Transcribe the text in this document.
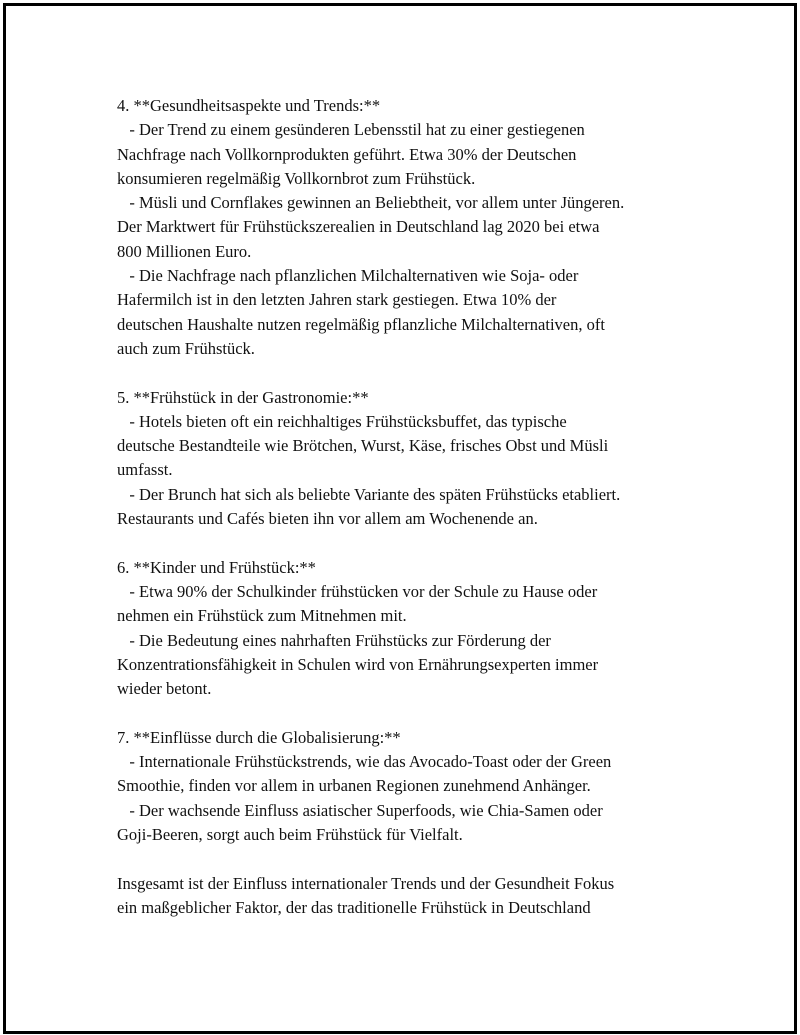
4. **Gesundheitsaspekte und Trends:**
- Der Trend zu einem gesünderen Lebensstil hat zu einer gestiegenen
Nachfrage nach Vollkornprodukten geführt. Etwa 30% der Deutschen
konsumieren regelmäßig Vollkornbrot zum Frühstück.
- Müsli und Cornflakes gewinnen an Beliebtheit, vor allem unter Jüngeren.
Der Marktwert für Frühstückszerealien in Deutschland lag 2020 bei etwa
800 Millionen Euro.
- Die Nachfrage nach pflanzlichen Milchalternativen wie Soja- oder
Hafermilch ist in den letzten Jahren stark gestiegen. Etwa 10% der
deutschen Haushalte nutzen regelmäßig pflanzliche Milchalternativen, oft
auch zum Frühstück.
5. **Frühstück in der Gastronomie:**
- Hotels bieten oft ein reichhaltiges Frühstücksbuffet, das typische
deutsche Bestandteile wie Brötchen, Wurst, Käse, frisches Obst und Müsli
umfasst.
- Der Brunch hat sich als beliebte Variante des späten Frühstücks etabliert.
Restaurants und Cafés bieten ihn vor allem am Wochenende an.
6. **Kinder und Frühstück:**
- Etwa 90% der Schulkinder frühstücken vor der Schule zu Hause oder
nehmen ein Frühstück zum Mitnehmen mit.
- Die Bedeutung eines nahrhaften Frühstücks zur Förderung der
Konzentrationsfähigkeit in Schulen wird von Ernährungsexperten immer
wieder betont.
7. **Einflüsse durch die Globalisierung:**
- Internationale Frühstückstrends, wie das Avocado-Toast oder der Green
Smoothie, finden vor allem in urbanen Regionen zunehmend Anhänger.
- Der wachsende Einfluss asiatischer Superfoods, wie Chia-Samen oder
Goji-Beeren, sorgt auch beim Frühstück für Vielfalt.
Insgesamt ist der Einfluss internationaler Trends und der Gesundheit Fokus
ein maßgeblicher Faktor, der das traditionelle Frühstück in Deutschland
